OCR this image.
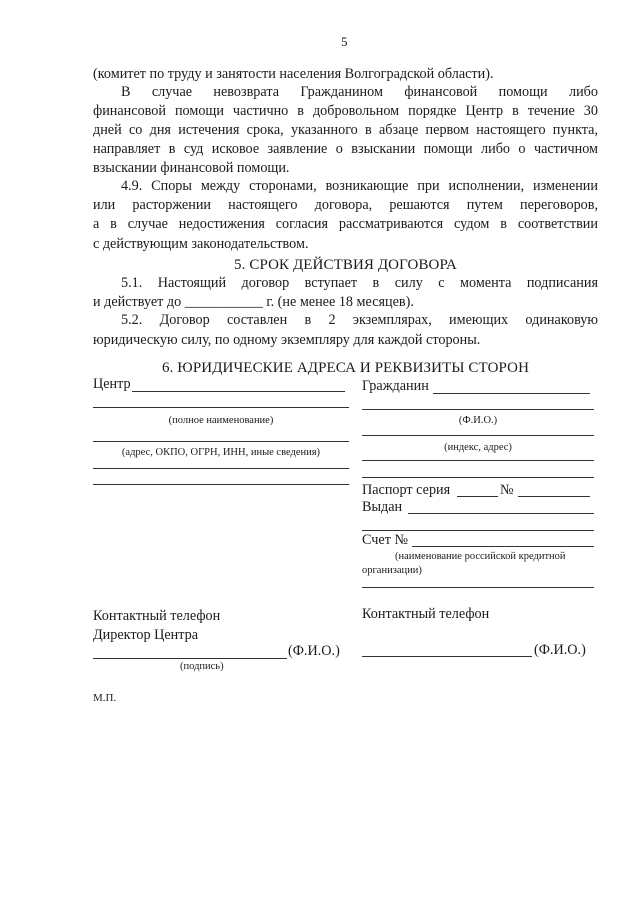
5
(комитет по труду и занятости населения Волгоградской области).
В случае невозврата Гражданином финансовой помощи либо
финансовой помощи частично в добровольном порядке Центр в течение 30
дней со дня истечения срока, указанного в абзаце первом настоящего пункта,
направляет в суд исковое заявление о взыскании помощи либо о частичном
взыскании финансовой помощи.
4.9. Споры между сторонами, возникающие при исполнении, изменении
или расторжении настоящего договора, решаются путем переговоров,
а в случае недостижения согласия рассматриваются судом в соответствии
с действующим законодательством.
5. СРОК ДЕЙСТВИЯ ДОГОВОРА
5.1. Настоящий договор вступает в силу с момента подписания
и действует до ___________ г. (не менее 18 месяцев).
5.2. Договор составлен в 2 экземплярах, имеющих одинаковую
юридическую силу, по одному экземпляру для каждой стороны.
6. ЮРИДИЧЕСКИЕ АДРЕСА И РЕКВИЗИТЫ СТОРОН
Центр
(полное наименование)
(адрес, ОКПО, ОГРН, ИНН, иные сведения)
Гражданин
(Ф.И.О.)
(индекс, адрес)
Паспорт серия	№
Выдан
Счет №
(наименование российской кредитной
организации)
Контактный телефон	Контактный телефон
Директор Центра
(Ф.И.О.)
(подпись)
(Ф.И.О.)
М.П.
